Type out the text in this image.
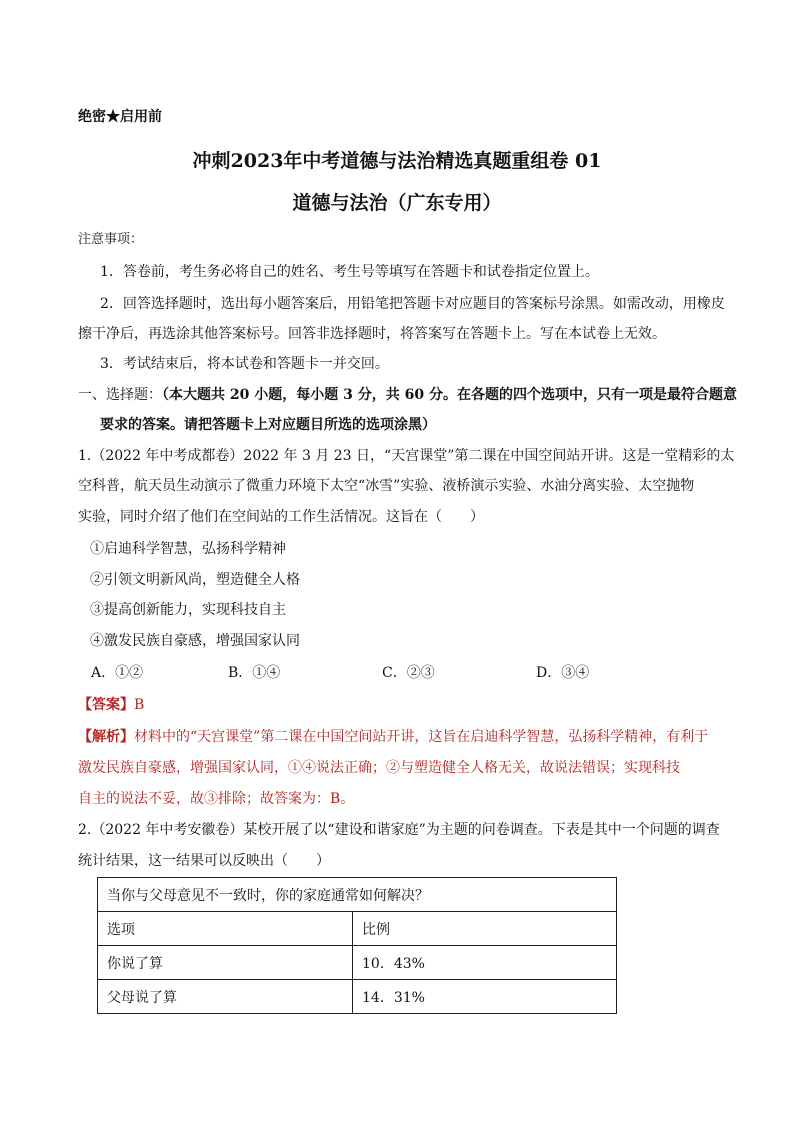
绝密★启用前
冲刺2023年中考道德与法治精选真题重组卷 01
道德与法治（广东专用）
注意事项：
1．答卷前，考生务必将自己的姓名、考生号等填写在答题卡和试卷指定位置上。
2．回答选择题时，选出每小题答案后，用铅笔把答题卡对应题目的答案标号涂黑。如需改动，用橡皮
擦干净后，再选涂其他答案标号。回答非选择题时，将答案写在答题卡上。写在本试卷上无效。
3．考试结束后，将本试卷和答题卡一并交回。
一、选择题：（本大题共 20 小题，每小题 3 分，共 60 分。在各题的四个选项中，只有一项是最符合题意
要求的答案。请把答题卡上对应题目所选的选项涂黑）
1.（2022 年中考成都卷）2022 年 3 月 23 日，“天宫课堂”第二课在中国空间站开讲。这是一堂精彩的太
空科普，航天员生动演示了微重力环境下太空“冰雪”实验、液桥演示实验、水油分离实验、太空抛物
实验，同时介绍了他们在空间站的工作生活情况。这旨在（　　）
①启迪科学智慧，弘扬科学精神
②引领文明新风尚，塑造健全人格
③提高创新能力，实现科技自主
④激发民族自豪感，增强国家认同
A．①②	B．①④	C．②③	D．③④
【答案】B
【解析】材料中的“天宫课堂”第二课在中国空间站开讲，这旨在启迪科学智慧，弘扬科学精神，有利于
激发民族自豪感，增强国家认同，①④说法正确；②与塑造健全人格无关，故说法错误；实现科技
自主的说法不妥，故③排除；故答案为：B。
2.（2022 年中考安徽卷）某校开展了以“建设和谐家庭”为主题的问卷调查。下表是其中一个问题的调查
统计结果，这一结果可以反映出（　　）
当你与父母意见不一致时，你的家庭通常如何解决？	
选项	比例
你说了算	10．43%
父母说了算	14．31%
